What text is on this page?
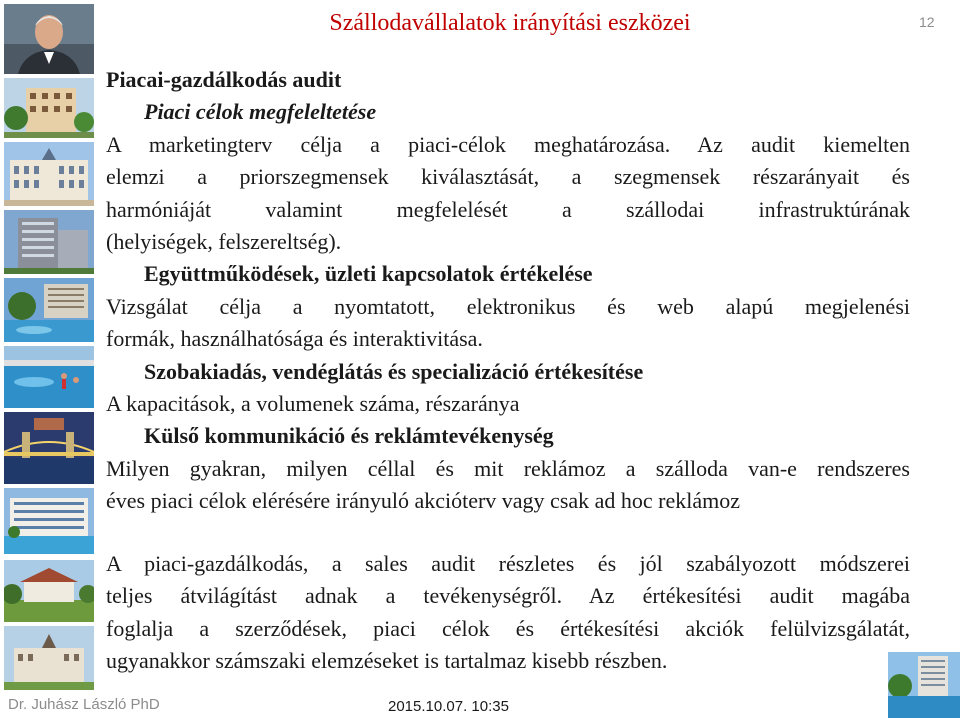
Szállodavállalatok irányítási eszközei	12

Piacai-gazdálkodás audit

Piaci célok megfeleltetése

A marketingterv célja a piaci-célok meghatározása. Az audit kiemelten

elemzi a priorszegmensek kiválasztását, a szegmensek részarányait és

harmóniáját valamint megfelelését a szállodai infrastruktúrának

(helyiségek, felszereltség).

Együttműködések, üzleti kapcsolatok értékelése

Vizsgálat célja a nyomtatott, elektronikus és web alapú megjelenési

formák, használhatósága és interaktivitása.

Szobakiadás, vendéglátás és specializáció értékesítése

A kapacitások, a volumenek száma, részaránya

Külső kommunikáció és reklámtevékenység

Milyen gyakran, milyen céllal és mit reklámoz a szálloda van-e rendszeres

éves piaci célok elérésére irányuló akcióterv vagy csak ad hoc reklámoz

A piaci-gazdálkodás, a sales audit részletes és jól szabályozott módszerei

teljes átvilágítást adnak a tevékenységről. Az értékesítési audit magába

foglalja a szerződések, piaci célok és értékesítési akciók felülvizsgálatát,

ugyanakkor számszaki elemzéseket is tartalmaz kisebb részben.

Dr. Juhász László PhD	2015.10.07. 10:35
